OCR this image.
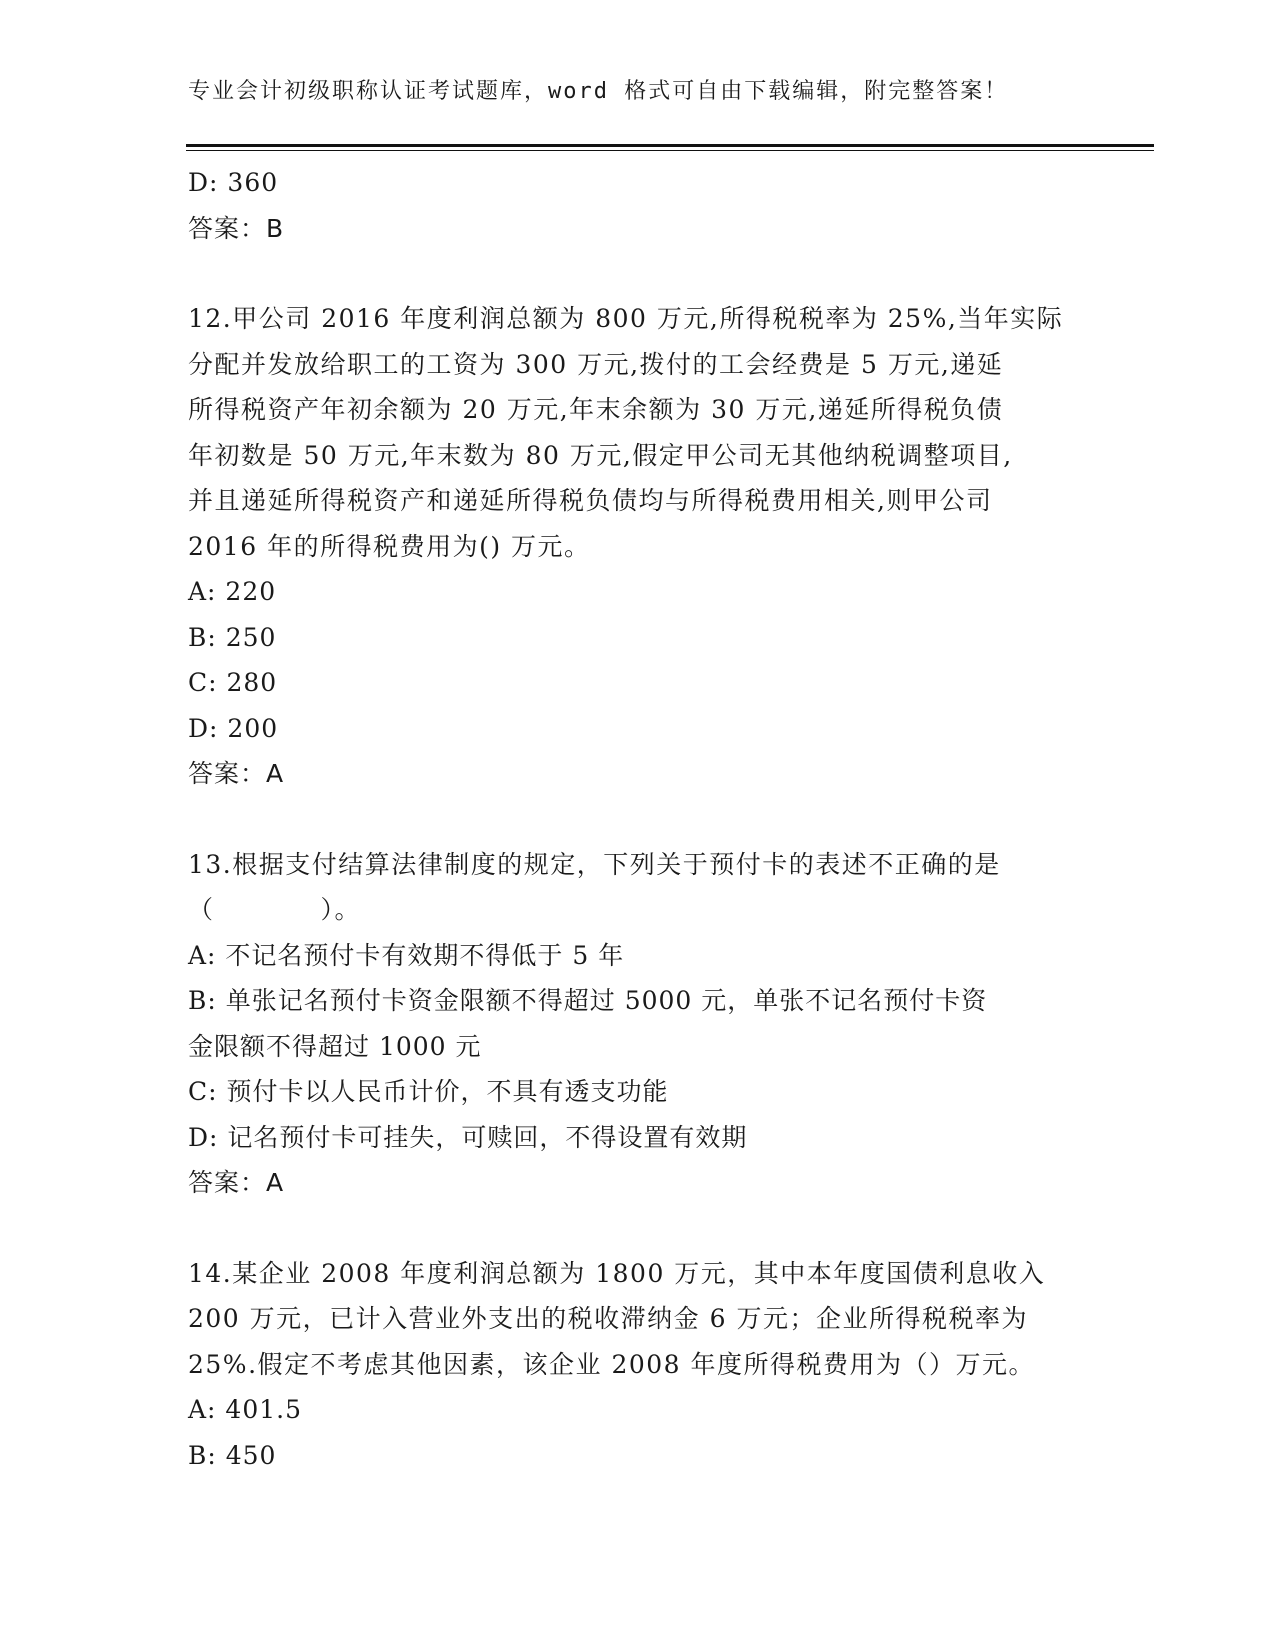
专业会计初级职称认证考试题库，word 格式可自由下载编辑，附完整答案！
D: 360
答案：B
12.甲公司 2016 年度利润总额为 800 万元,所得税税率为 25%,当年实际
分配并发放给职工的工资为 300 万元,拨付的工会经费是 5 万元,递延
所得税资产年初余额为 20 万元,年末余额为 30 万元,递延所得税负债
年初数是 50 万元,年末数为 80 万元,假定甲公司无其他纳税调整项目,
并且递延所得税资产和递延所得税负债均与所得税费用相关,则甲公司
2016 年的所得税费用为() 万元。
A: 220
B: 250
C: 280
D: 200
答案：A
13.根据支付结算法律制度的规定，下列关于预付卡的表述不正确的是
（　　　　）。
A: 不记名预付卡有效期不得低于 5 年
B: 单张记名预付卡资金限额不得超过 5000 元，单张不记名预付卡资
金限额不得超过 1000 元
C: 预付卡以人民币计价，不具有透支功能
D: 记名预付卡可挂失，可赎回，不得设置有效期
答案：A
14.某企业 2008 年度利润总额为 1800 万元，其中本年度国债利息收入
200 万元，已计入营业外支出的税收滞纳金 6 万元；企业所得税税率为
25%.假定不考虑其他因素，该企业 2008 年度所得税费用为（）万元。
A: 401.5
B: 450
